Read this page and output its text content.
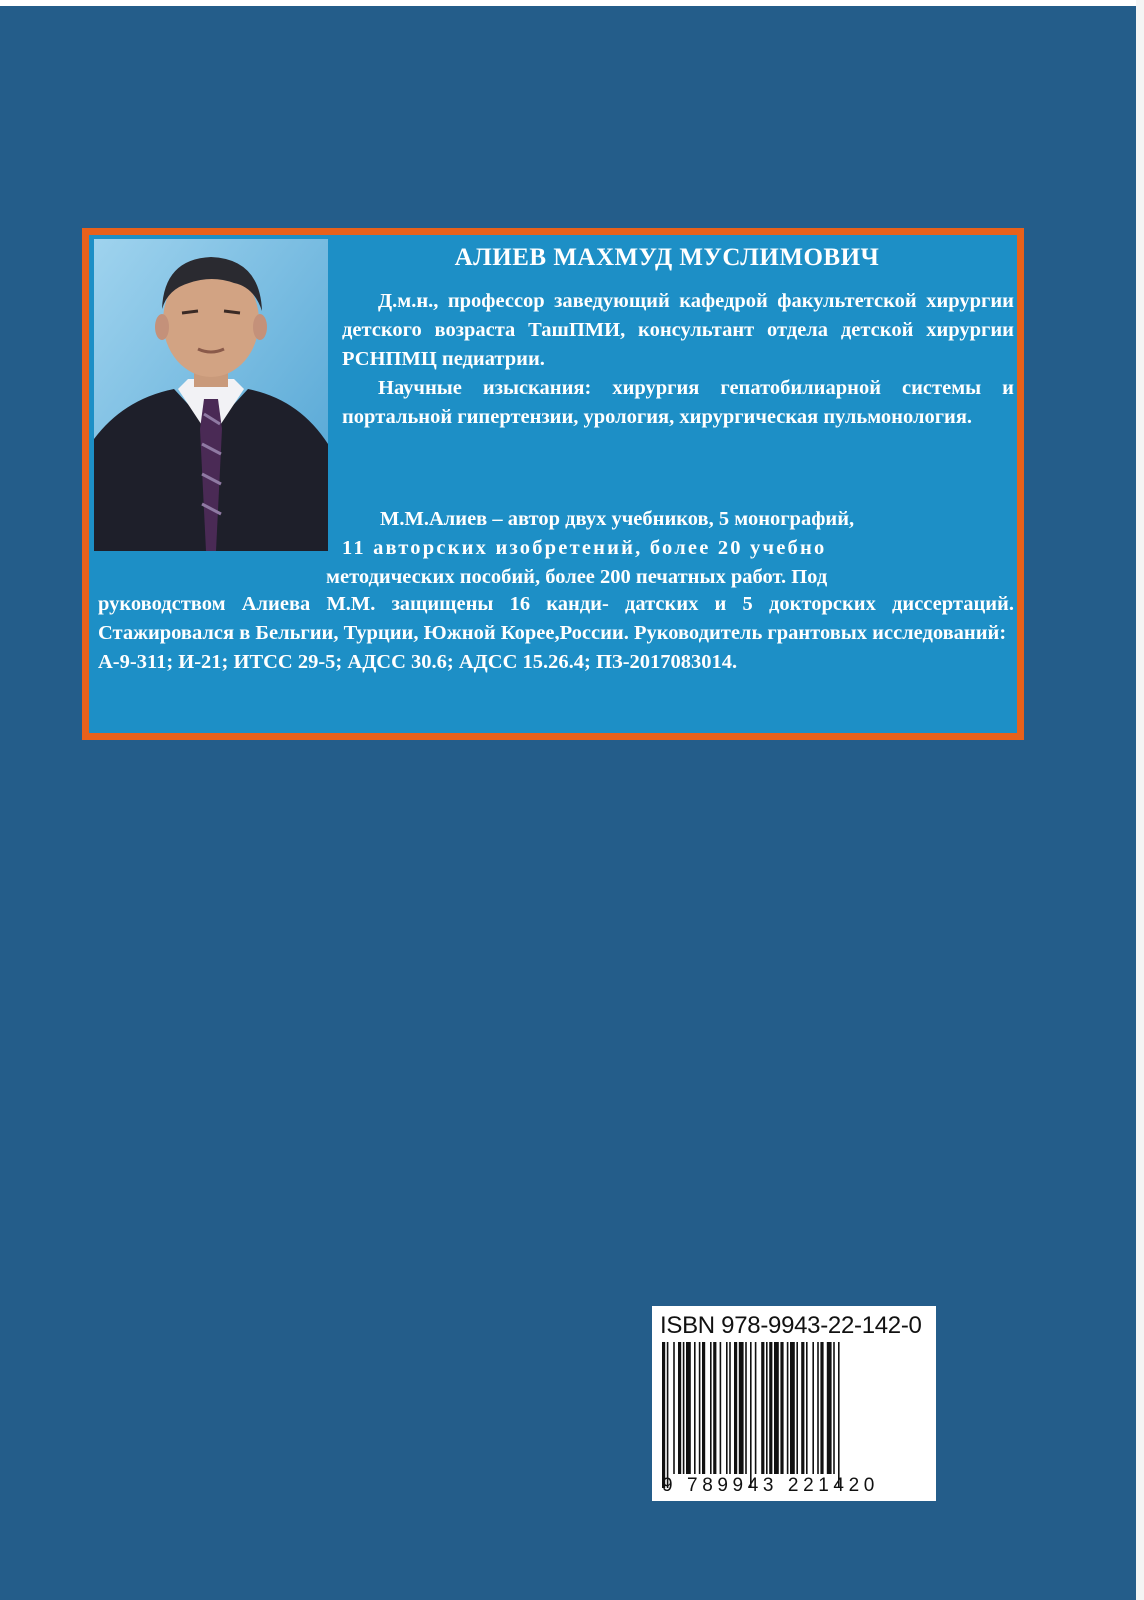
АЛИЕВ МАХМУД МУСЛИМОВИЧ

Д.м.н., профессор заведующий кафедрой факультетской хирургии детского возраста ТашПМИ, консультант отдела детской хирургии РСНПМЦ педиатрии.

Научные изыскания: хирургия гепатобилиарной системы и портальной гипертензии, урология, хирургическая пульмонология.

М.М.Алиев – автор двух учебников, 5 монографий,
11 авторских изобретений, более 20 учебно
методических пособий, более 200 печатных работ. Под

руководством Алиева М.М. защищены 16 канди- датских и 5 докторских диссертаций. Стажировался в Бельгии, Турции, Южной Корее,России. Руководитель грантовых исследований:

А-9-311; И-21; ИТСС 29-5; АДСС 30.6; АДСС 15.26.4; ПЗ-2017083014.

ISBN 978-9943-22-142-0
9 789943 221420
